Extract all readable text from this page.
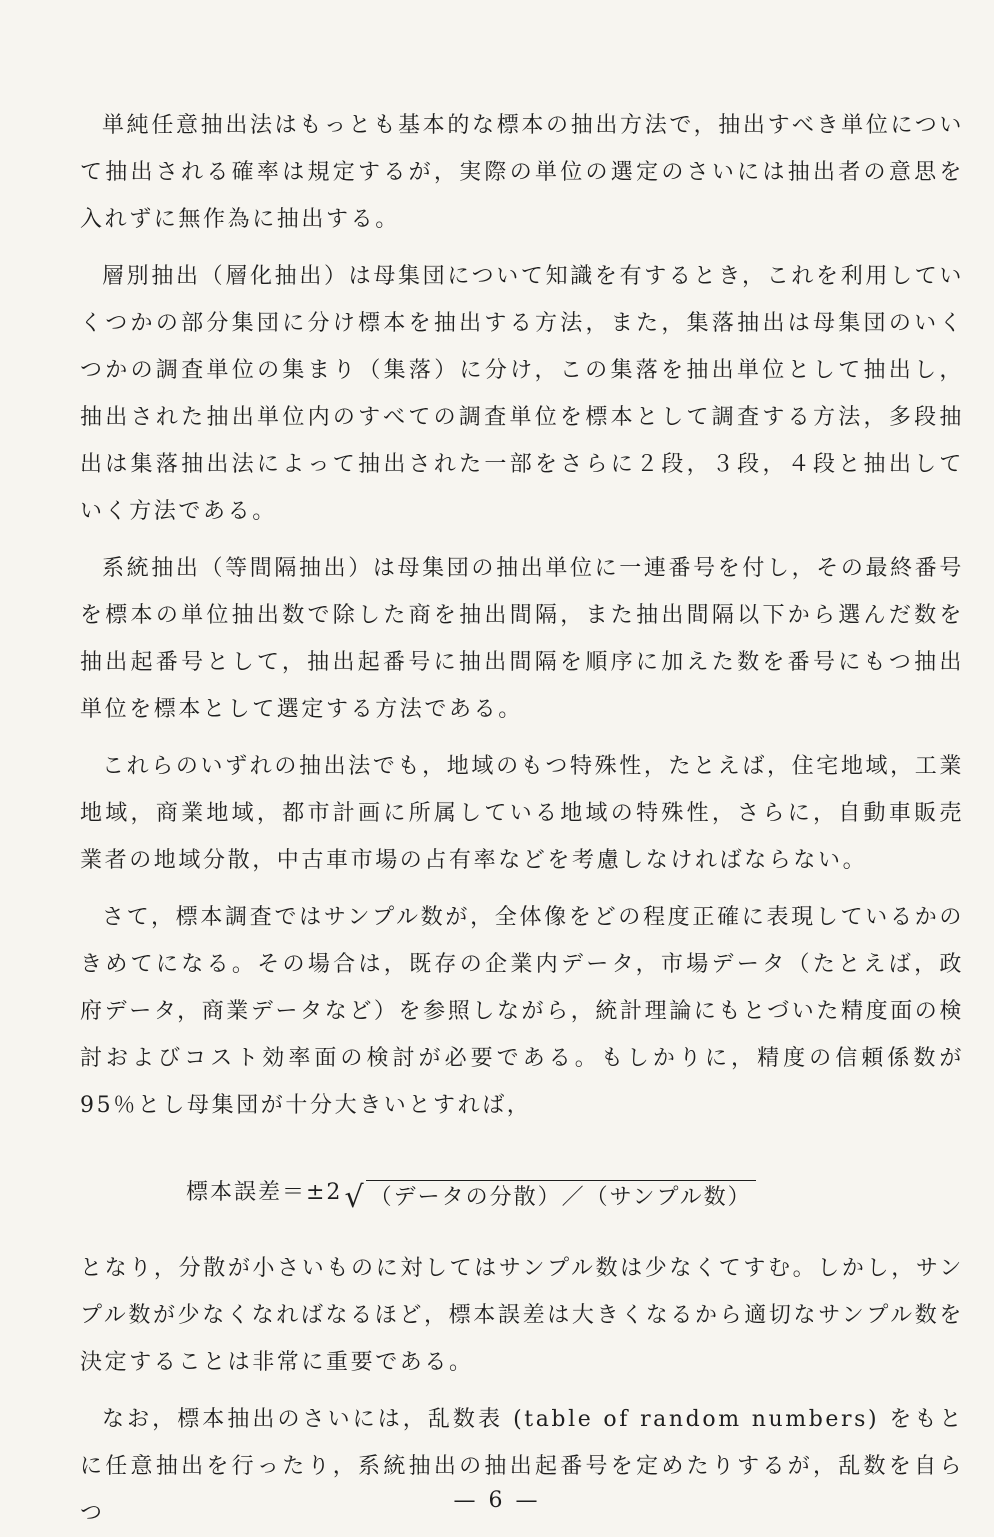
単純任意抽出法はもっとも基本的な標本の抽出方法で，抽出すべき単位について抽出される確率は規定するが，実際の単位の選定のさいには抽出者の意思を入れずに無作為に抽出する。

層別抽出（層化抽出）は母集団について知識を有するとき，これを利用していくつかの部分集団に分け標本を抽出する方法，また，集落抽出は母集団のいくつかの調査単位の集まり（集落）に分け，この集落を抽出単位として抽出し，抽出された抽出単位内のすべての調査単位を標本として調査する方法，多段抽出は集落抽出法によって抽出された一部をさらに２段，３段，４段と抽出していく方法である。

系統抽出（等間隔抽出）は母集団の抽出単位に一連番号を付し，その最終番号を標本の単位抽出数で除した商を抽出間隔，また抽出間隔以下から選んだ数を抽出起番号として，抽出起番号に抽出間隔を順序に加えた数を番号にもつ抽出単位を標本として選定する方法である。

これらのいずれの抽出法でも，地域のもつ特殊性，たとえば，住宅地域，工業地域，商業地域，都市計画に所属している地域の特殊性，さらに，自動車販売業者の地域分散，中古車市場の占有率などを考慮しなければならない。

さて，標本調査ではサンプル数が，全体像をどの程度正確に表現しているかのきめてになる。その場合は，既存の企業内データ，市場データ（たとえば，政府データ，商業データなど）を参照しながら，統計理論にもとづいた精度面の検討およびコスト効率面の検討が必要である。もしかりに，精度の信頼係数が95％とし母集団が十分大きいとすれば，

標本誤差＝±2 √ （データの分散）／（サンプル数）

となり，分散が小さいものに対してはサンプル数は少なくてすむ。しかし，サンプル数が少なくなればなるほど，標本誤差は大きくなるから適切なサンプル数を決定することは非常に重要である。

なお，標本抽出のさいには，乱数表 (table of random numbers) をもとに任意抽出を行ったり，系統抽出の抽出起番号を定めたりするが，乱数を自らつ

— 6 —
